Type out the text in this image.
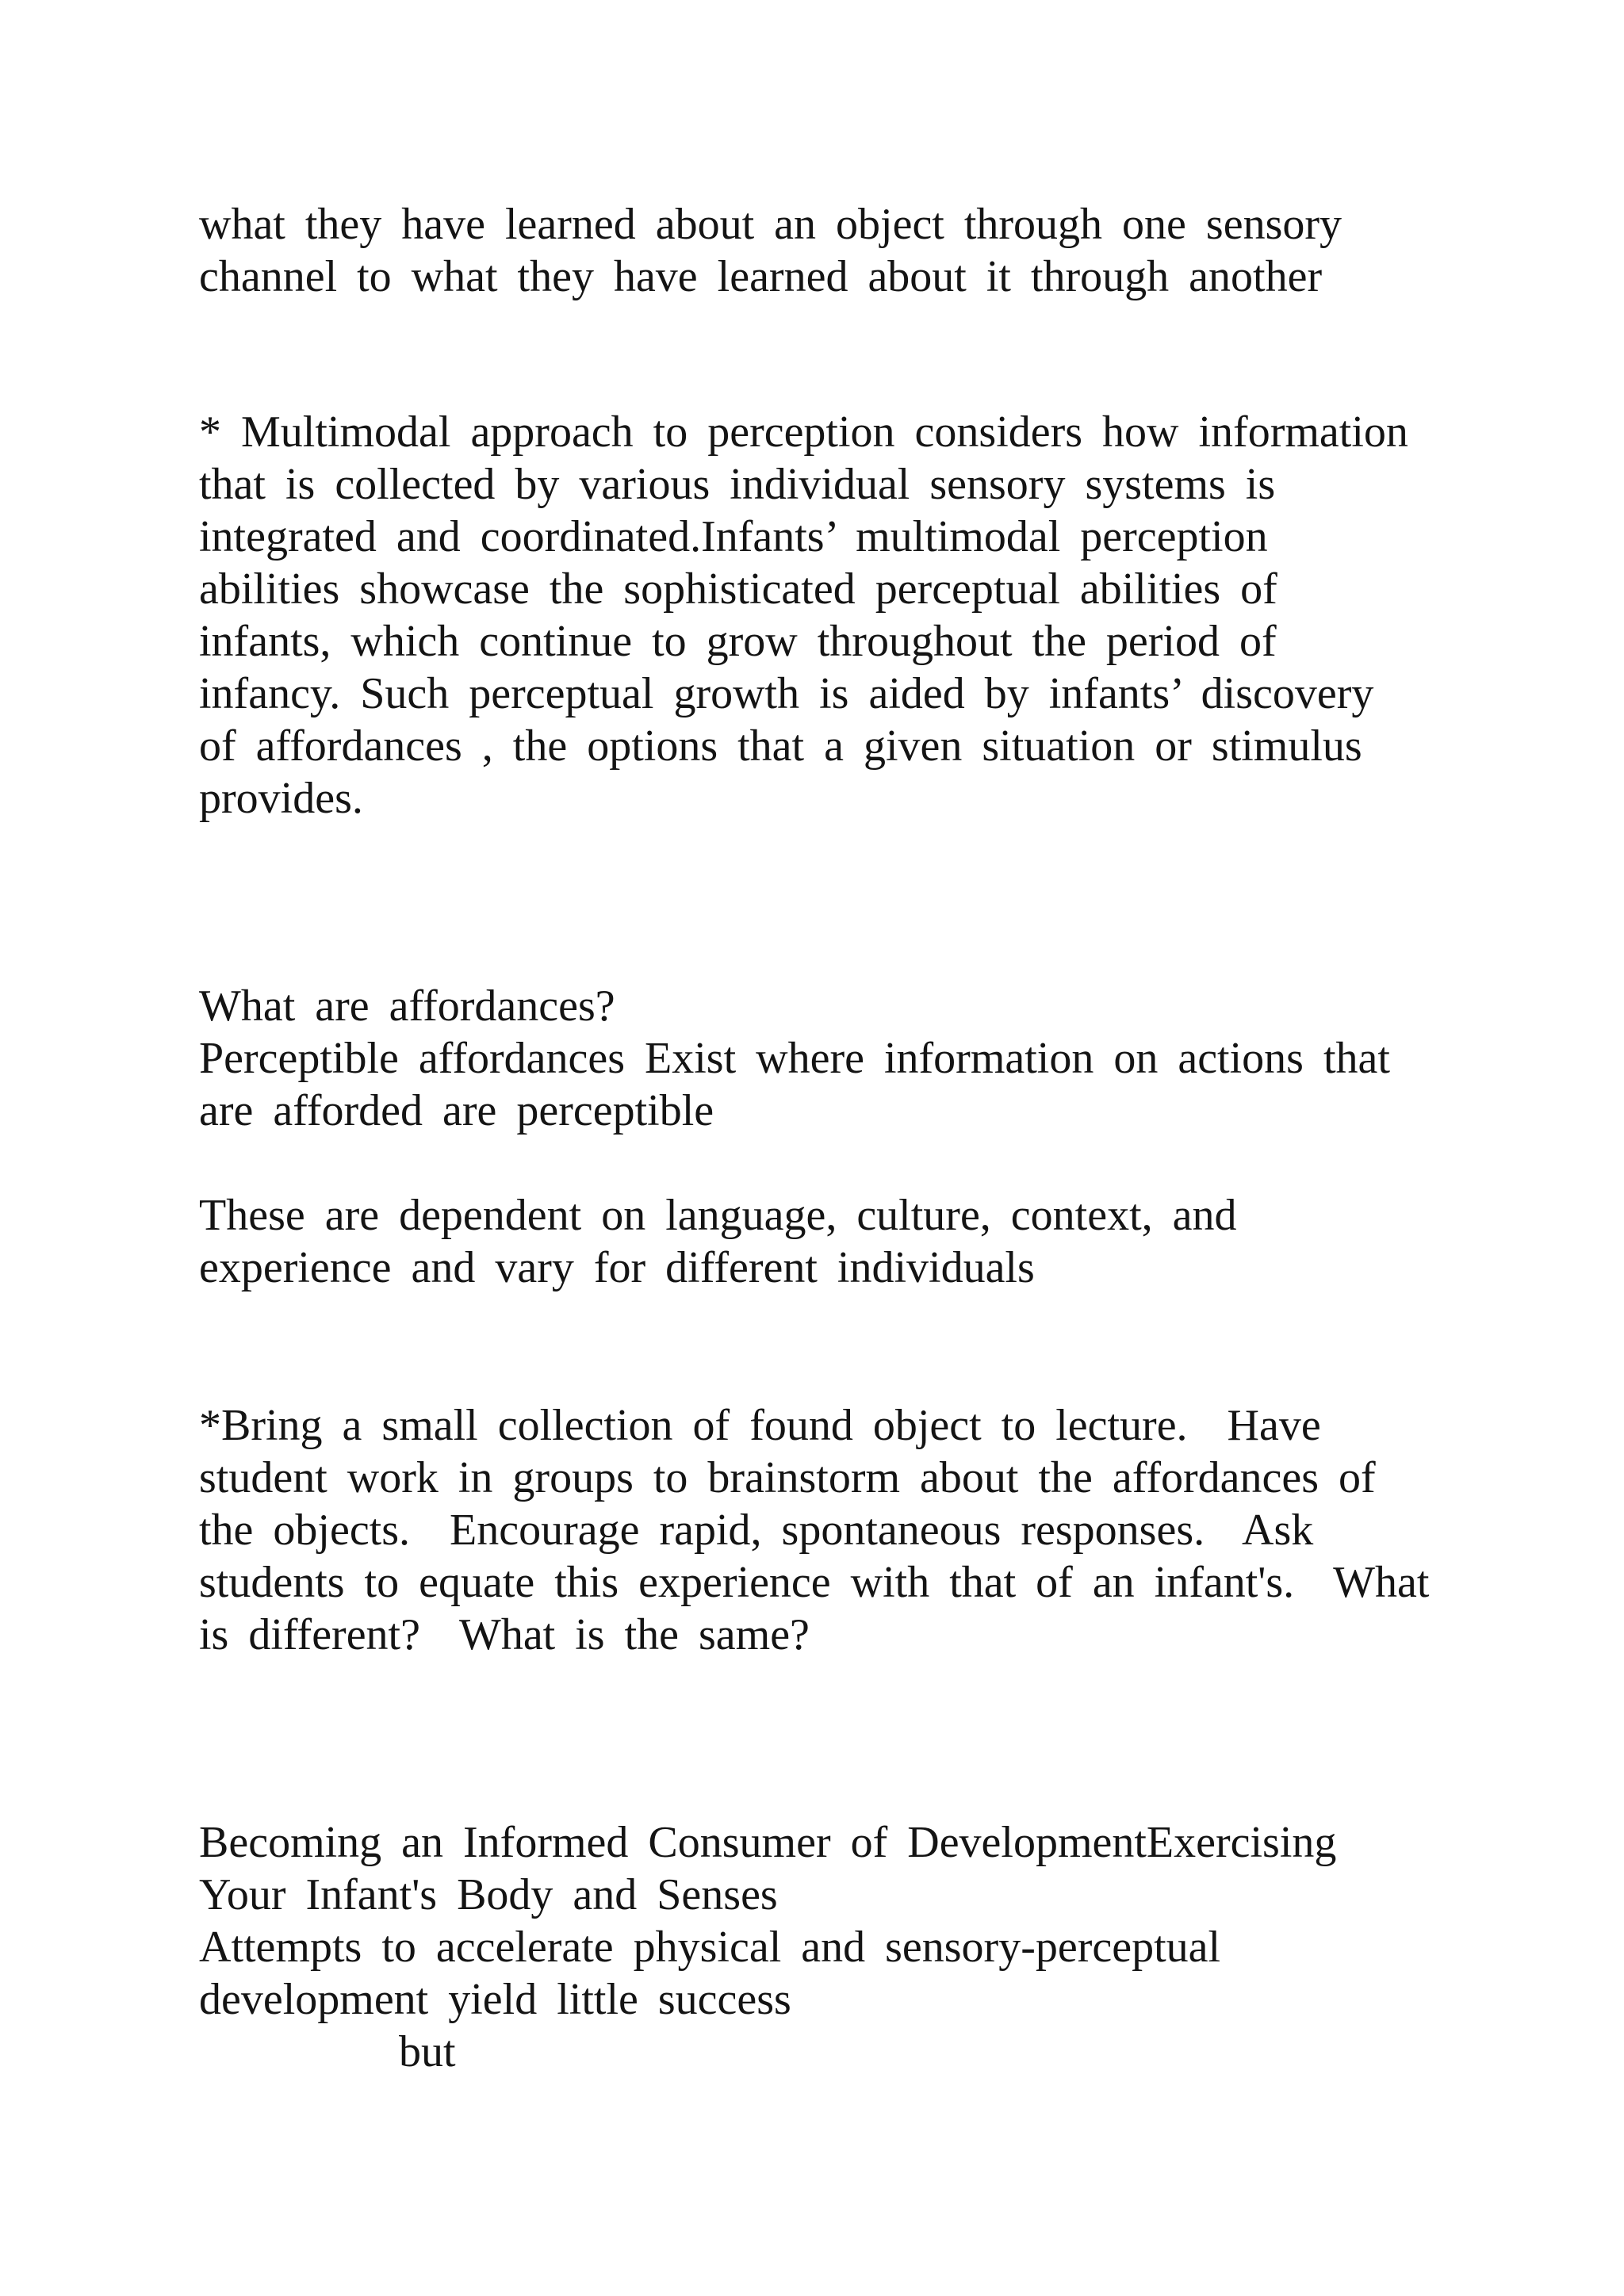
what they have learned about an object through one sensory
channel to what they have learned about it through another
* Multimodal approach to perception considers how information
that is collected by various individual sensory systems is
integrated and coordinated.Infants’ multimodal perception
abilities showcase the sophisticated perceptual abilities of
infants, which continue to grow throughout the period of
infancy. Such perceptual growth is aided by infants’ discovery
of affordances , the options that a given situation or stimulus
provides.
What are affordances?
Perceptible affordances Exist where information on actions that
are afforded are perceptible
These are dependent on language, culture, context, and
experience and vary for different individuals
*Bring a small collection of found object to lecture.  Have
student work in groups to brainstorm about the affordances of
the objects.  Encourage rapid, spontaneous responses.  Ask
students to equate this experience with that of an infant's.  What
is different?  What is the same?
Becoming an Informed Consumer of DevelopmentExercising
Your Infant's Body and Senses
Attempts to accelerate physical and sensory-perceptual
development yield little success
but
